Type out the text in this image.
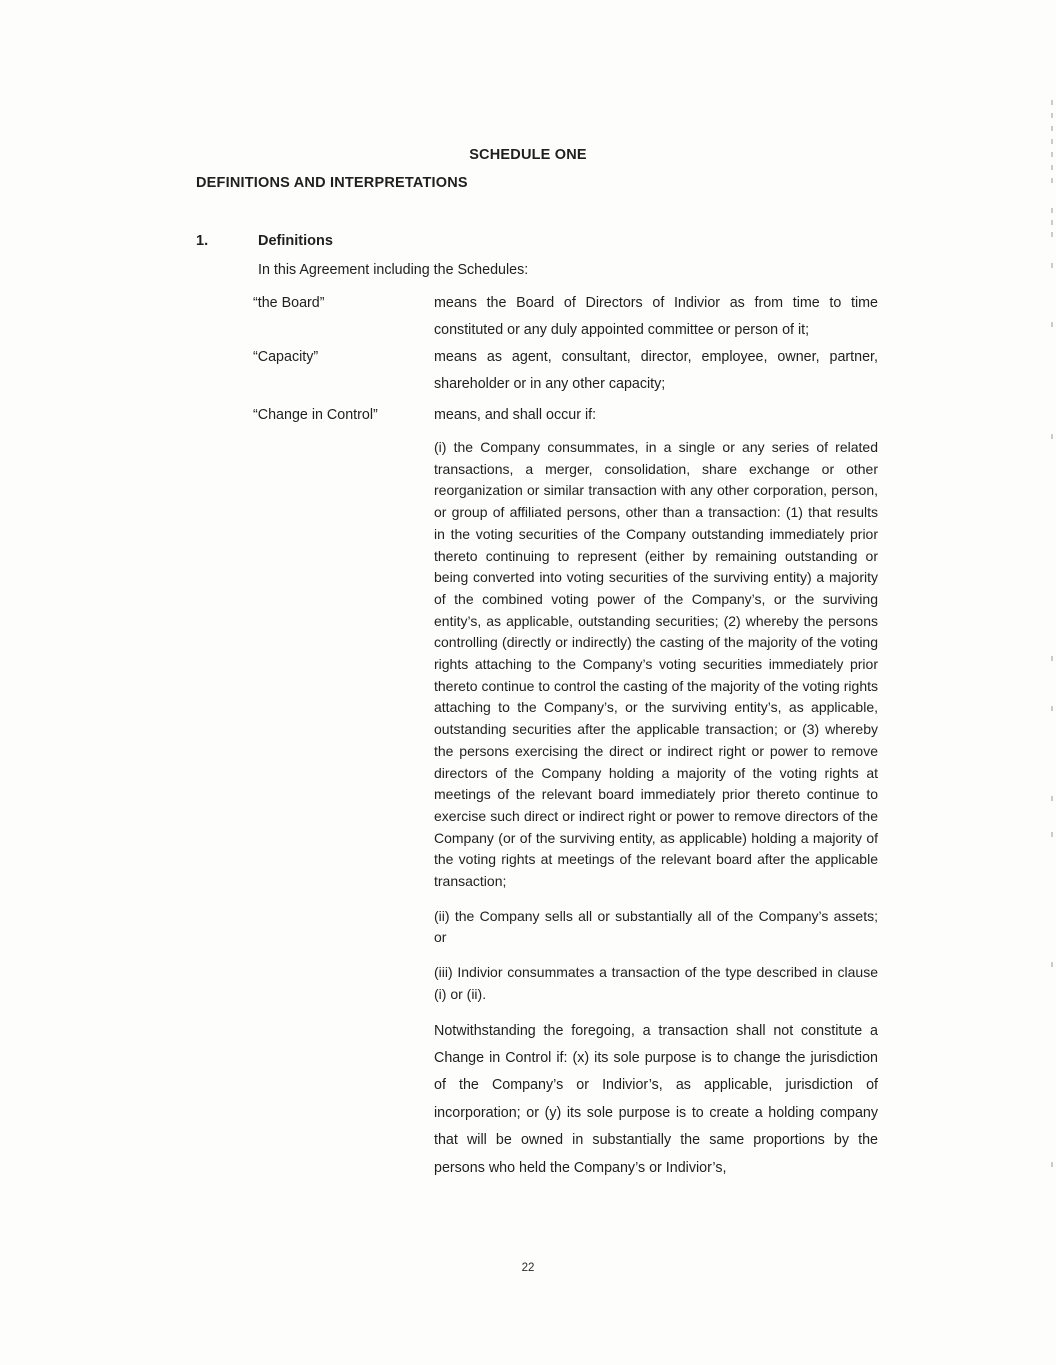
SCHEDULE ONE
DEFINITIONS AND INTERPRETATIONS
1.	Definitions
In this Agreement including the Schedules:
“the Board”	means the Board of Directors of Indivior as from time to time constituted or any duly appointed committee or person of it;
“Capacity”	means as agent, consultant, director, employee, owner, partner, shareholder or in any other capacity;
“Change in Control”	means, and shall occur if:

(i) the Company consummates, in a single or any series of related transactions, a merger, consolidation, share exchange or other reorganization or similar transaction with any other corporation, person, or group of affiliated persons, other than a transaction: (1) that results in the voting securities of the Company outstanding immediately prior thereto continuing to represent (either by remaining outstanding or being converted into voting securities of the surviving entity) a majority of the combined voting power of the Company’s, or the surviving entity’s, as applicable, outstanding securities; (2) whereby the persons controlling (directly or indirectly) the casting of the majority of the voting rights attaching to the Company’s voting securities immediately prior thereto continue to control the casting of the majority of the voting rights attaching to the Company’s, or the surviving entity’s, as applicable, outstanding securities after the applicable transaction; or (3) whereby the persons exercising the direct or indirect right or power to remove directors of the Company holding a majority of the voting rights at meetings of the relevant board immediately prior thereto continue to exercise such direct or indirect right or power to remove directors of the Company (or of the surviving entity, as applicable) holding a majority of the voting rights at meetings of the relevant board after the applicable transaction;

(ii) the Company sells all or substantially all of the Company’s assets; or

(iii) Indivior consummates a transaction of the type described in clause (i) or (ii).

Notwithstanding the foregoing, a transaction shall not constitute a Change in Control if: (x) its sole purpose is to change the jurisdiction of the Company’s or Indivior’s, as applicable, jurisdiction of incorporation; or (y) its sole purpose is to create a holding company that will be owned in substantially the same proportions by the persons who held the Company’s or Indivior’s,

22
